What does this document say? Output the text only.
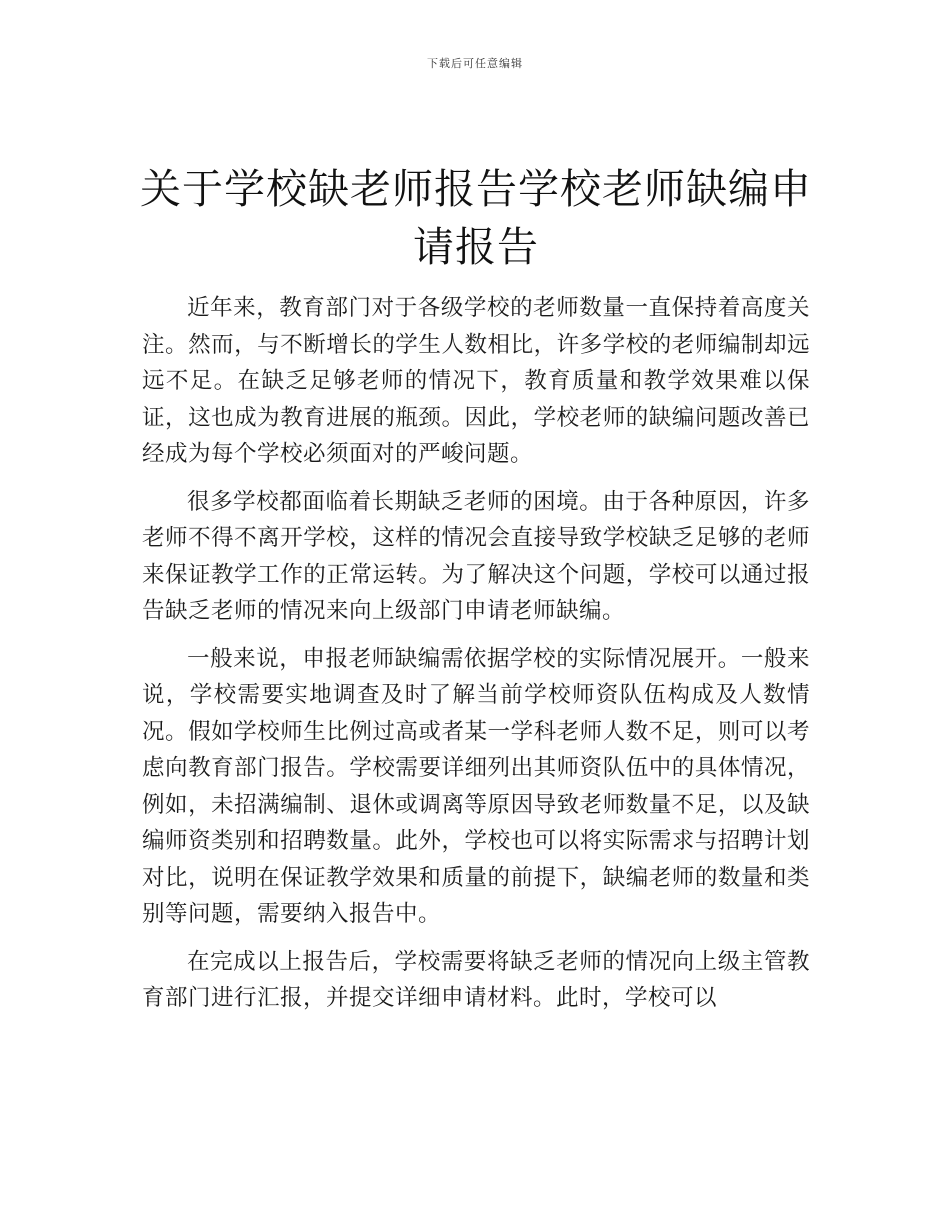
下载后可任意编辑
关于学校缺老师报告学校老师缺编申请报告

近年来，教育部门对于各级学校的老师数量一直保持着高度关注。然而，与不断增长的学生人数相比，许多学校的老师编制却远远不足。在缺乏足够老师的情况下，教育质量和教学效果难以保证，这也成为教育进展的瓶颈。因此，学校老师的缺编问题改善已经成为每个学校必须面对的严峻问题。

很多学校都面临着长期缺乏老师的困境。由于各种原因，许多老师不得不离开学校，这样的情况会直接导致学校缺乏足够的老师来保证教学工作的正常运转。为了解决这个问题，学校可以通过报告缺乏老师的情况来向上级部门申请老师缺编。

一般来说，申报老师缺编需依据学校的实际情况展开。一般来说，学校需要实地调查及时了解当前学校师资队伍构成及人数情况。假如学校师生比例过高或者某一学科老师人数不足，则可以考虑向教育部门报告。学校需要详细列出其师资队伍中的具体情况，例如，未招满编制、退休或调离等原因导致老师数量不足，以及缺编师资类别和招聘数量。此外，学校也可以将实际需求与招聘计划对比，说明在保证教学效果和质量的前提下，缺编老师的数量和类别等问题，需要纳入报告中。

在完成以上报告后，学校需要将缺乏老师的情况向上级主管教育部门进行汇报，并提交详细申请材料。此时，学校可以
